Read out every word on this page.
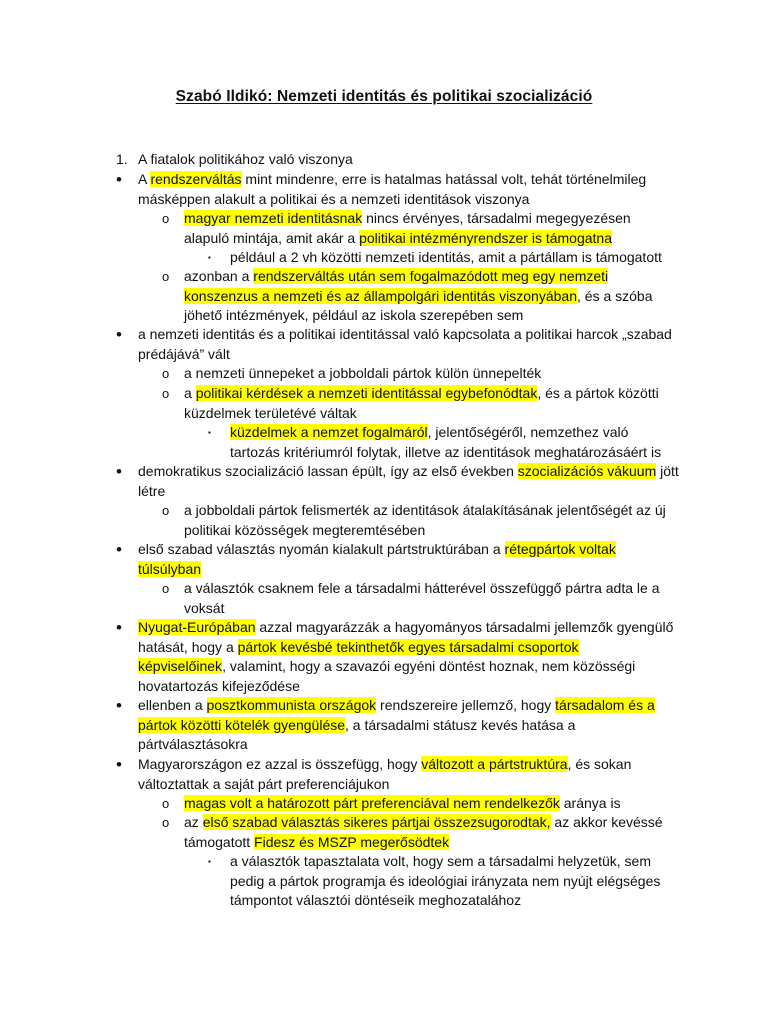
Szabó Ildikó: Nemzeti identitás és politikai szocializáció
1. A fiatalok politikához való viszonya
• A rendszerváltás mint mindenre, erre is hatalmas hatással volt, tehát történelmileg
másképpen alakult a politikai és a nemzeti identitások viszonya
o magyar nemzeti identitásnak nincs érvényes, társadalmi megegyezésen
alapuló mintája, amit akár a politikai intézményrendszer is támogatna
▪ például a 2 vh közötti nemzeti identitás, amit a pártállam is támogatott
o azonban a rendszerváltás után sem fogalmazódott meg egy nemzeti
konszenzus a nemzeti és az állampolgári identitás viszonyában, és a szóba
jöhető intézmények, például az iskola szerepében sem
• a nemzeti identitás és a politikai identitással való kapcsolata a politikai harcok „szabad
prédájává” vált
o a nemzeti ünnepeket a jobboldali pártok külön ünnepelték
o a politikai kérdések a nemzeti identitással egybefonódtak, és a pártok közötti
küzdelmek területévé váltak
▪ küzdelmek a nemzet fogalmáról, jelentőségéről, nemzethez való
tartozás kritériumról folytak, illetve az identitások meghatározásáért is
• demokratikus szocializáció lassan épült, így az első években szocializációs vákuum jött
létre
o a jobboldali pártok felismerték az identitások átalakításának jelentőségét az új
politikai közösségek megteremtésében
• első szabad választás nyomán kialakult pártstruktúrában a rétegpártok voltak
túlsúlyban
o a választók csaknem fele a társadalmi hátterével összefüggő pártra adta le a
voksát
• Nyugat-Európában azzal magyarázzák a hagyományos társadalmi jellemzők gyengülő
hatását, hogy a pártok kevésbé tekinthetők egyes társadalmi csoportok
képviselőinek, valamint, hogy a szavazói egyéni döntést hoznak, nem közösségi
hovatartozás kifejeződése
• ellenben a posztkommunista országok rendszereire jellemző, hogy társadalom és a
pártok közötti kötelék gyengülése, a társadalmi státusz kevés hatása a
pártválasztásokra
• Magyarországon ez azzal is összefügg, hogy változott a pártstruktúra, és sokan
változtattak a saját párt preferenciájukon
o magas volt a határozott párt preferenciával nem rendelkezők aránya is
o az első szabad választás sikeres pártjai összezsugorodtak, az akkor kevéssé
támogatott Fidesz és MSZP megerősödtek
▪ a választók tapasztalata volt, hogy sem a társadalmi helyzetük, sem
pedig a pártok programja és ideológiai irányzata nem nyújt elégséges
támpontot választói döntéseik meghozatalához
